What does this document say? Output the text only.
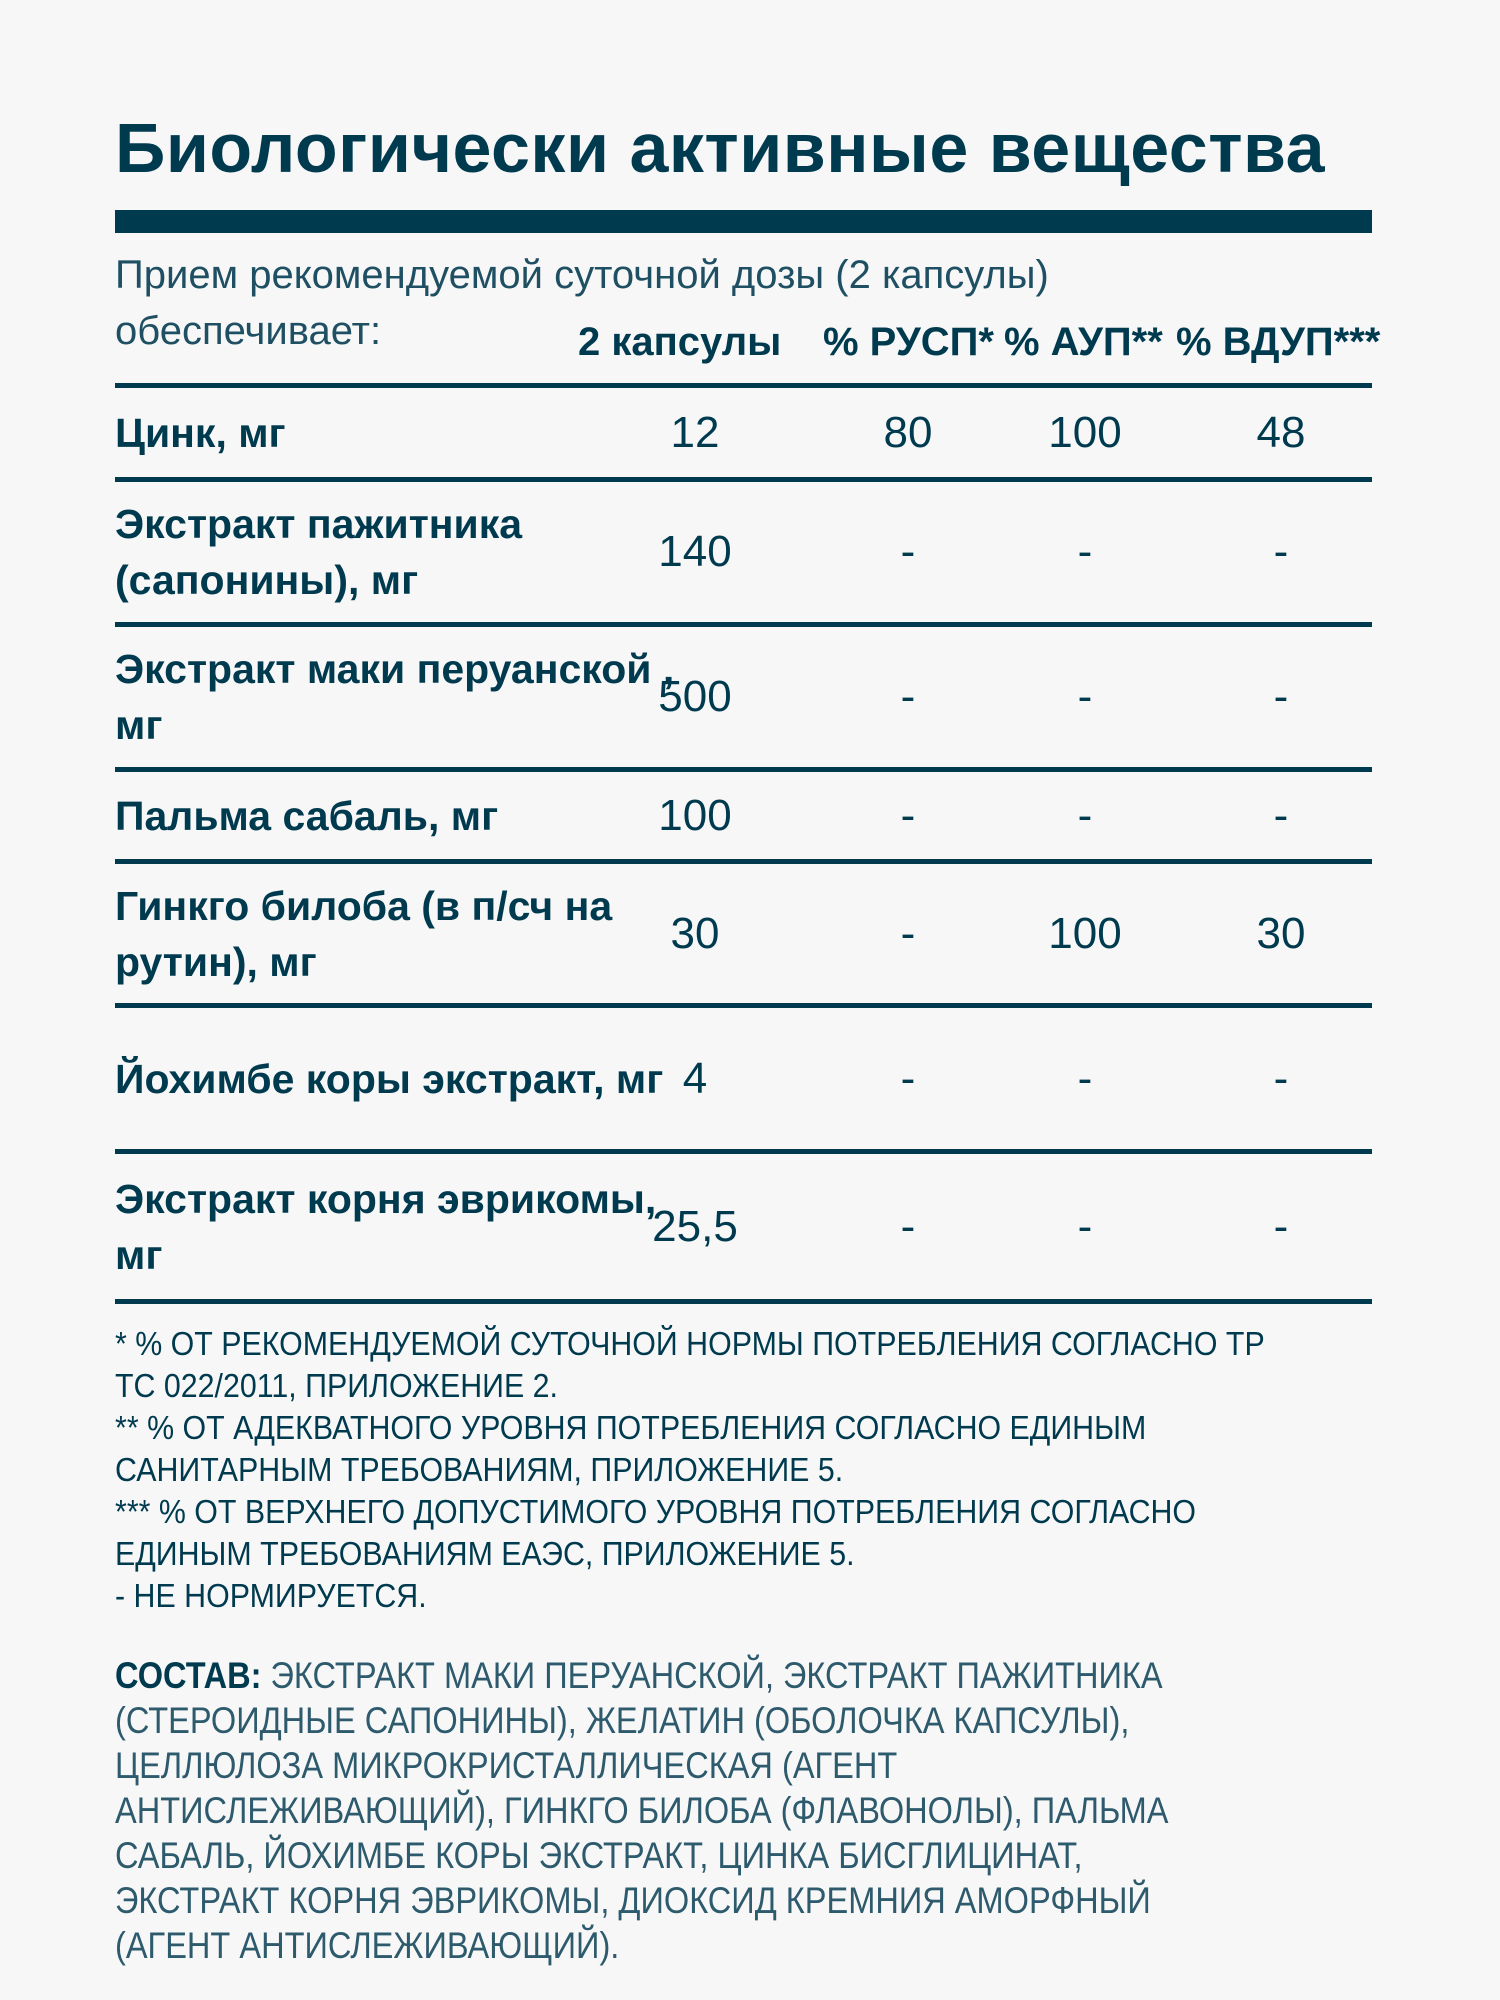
Биологически активные вещества
Прием рекомендуемой суточной дозы (2 капсулы)
обеспечивает:	2 капсулы % РУСП* % АУП** % ВДУП***
Цинк, мг	12	80	100	48
Экстракт пажитника (сапонины), мг
140	-	-	-
Экстракт маки перуанской , мг
500	-	-	-
Пальма сабаль, мг	100	-	-	-
Гинкго билоба (в п/сч на рутин), мг
30	-	100	30
Йохимбе коры экстракт, мг 4	-	-	-
Экстракт корня эврикомы, мг
25,5	-	-	-
* % ОТ РЕКОМЕНДУЕМОЙ СУТОЧНОЙ НОРМЫ ПОТРЕБЛЕНИЯ СОГЛАСНО ТР ТС 022/2011, ПРИЛОЖЕНИЕ 2.
** % ОТ АДЕКВАТНОГО УРОВНЯ ПОТРЕБЛЕНИЯ СОГЛАСНО ЕДИНЫМ САНИТАРНЫМ ТРЕБОВАНИЯМ, ПРИЛОЖЕНИЕ 5.
*** % ОТ ВЕРХНЕГО ДОПУСТИМОГО УРОВНЯ ПОТРЕБЛЕНИЯ СОГЛАСНО ЕДИНЫМ ТРЕБОВАНИЯМ ЕАЭС, ПРИЛОЖЕНИЕ 5.
- НЕ НОРМИРУЕТСЯ.
СОСТАВ: ЭКСТРАКТ МАКИ ПЕРУАНСКОЙ, ЭКСТРАКТ ПАЖИТНИКА (СТЕРОИДНЫЕ САПОНИНЫ), ЖЕЛАТИН (ОБОЛОЧКА КАПСУЛЫ), ЦЕЛЛЮЛОЗА МИКРОКРИСТАЛЛИЧЕСКАЯ (АГЕНТ АНТИСЛЕЖИВАЮЩИЙ), ГИНКГО БИЛОБА (ФЛАВОНОЛЫ), ПАЛЬМА САБАЛЬ, ЙОХИМБЕ КОРЫ ЭКСТРАКТ, ЦИНКА БИСГЛИЦИНАТ, ЭКСТРАКТ КОРНЯ ЭВРИКОМЫ, ДИОКСИД КРЕМНИЯ АМОРФНЫЙ (АГЕНТ АНТИСЛЕЖИВАЮЩИЙ).
